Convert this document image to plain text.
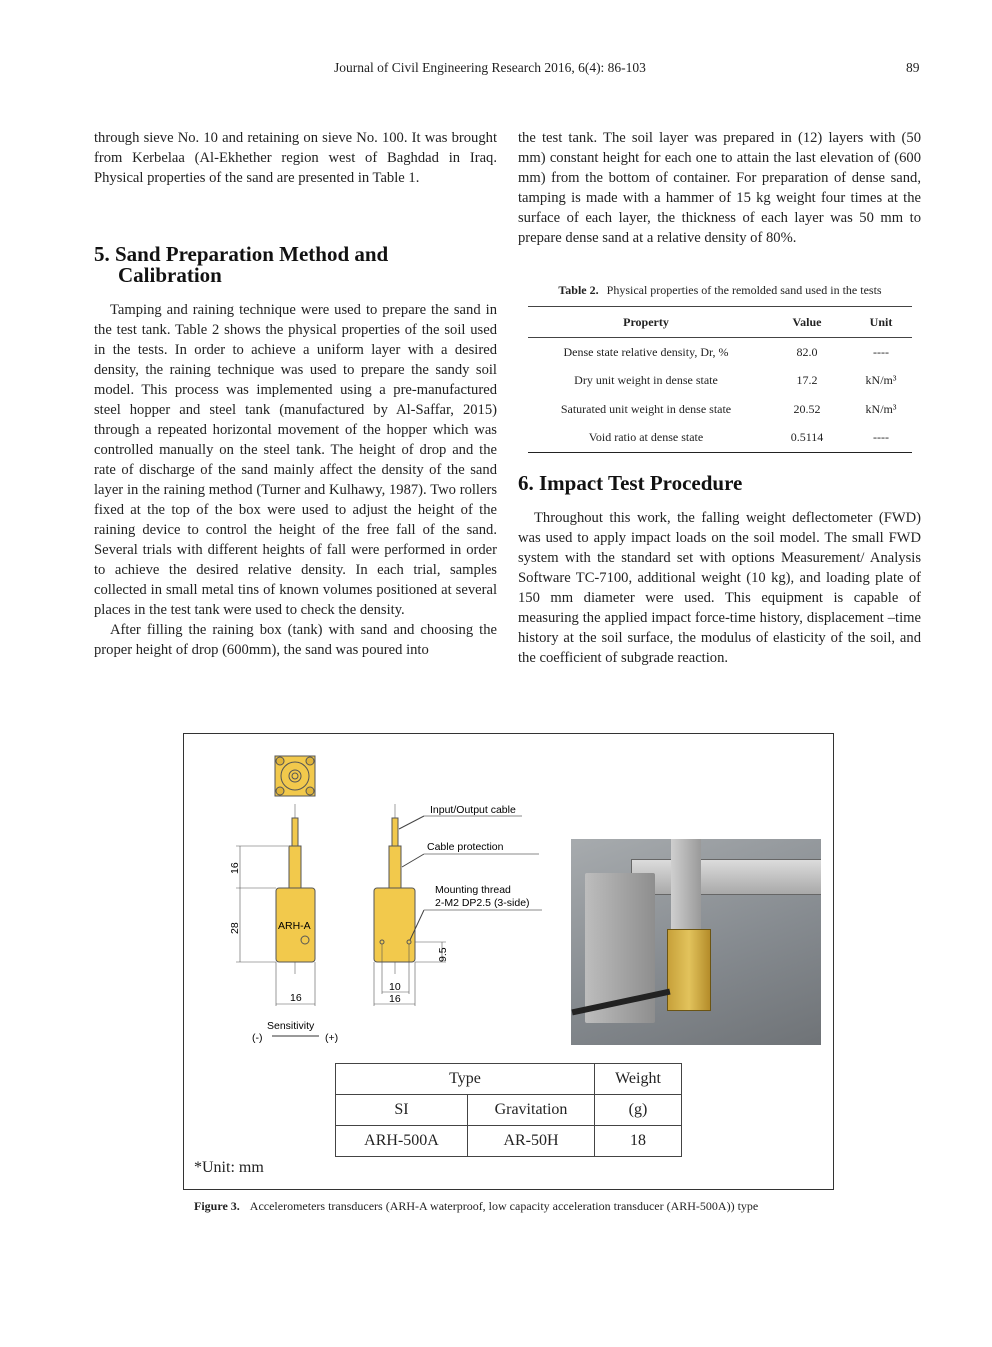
Journal of Civil Engineering Research 2016, 6(4): 86-103	89

through sieve No. 10 and retaining on sieve No. 100. It was brought from Kerbelaa (Al-Ekhether region west of Baghdad in Iraq. Physical properties of the sand are presented in Table 1.

5. Sand Preparation Method and
Calibration

Tamping and raining technique were used to prepare the sand in the test tank. Table 2 shows the physical properties of the soil used in the tests. In order to achieve a uniform layer with a desired density, the raining technique was used to prepare the sandy soil model. This process was implemented using a pre-manufactured steel hopper and steel tank (manufactured by Al-Saffar, 2015) through a repeated horizontal movement of the hopper which was controlled manually on the steel tank. The height of drop and the rate of discharge of the sand mainly affect the density of the sand layer in the raining method (Turner and Kulhawy, 1987). Two rollers fixed at the top of the box were used to adjust the height of the raining device to control the height of the free fall of the sand. Several trials with different heights of fall were performed in order to achieve the desired relative density. In each trial, samples collected in small metal tins of known volumes positioned at several places in the test tank were used to check the density.

After filling the raining box (tank) with sand and choosing the proper height of drop (600mm), the sand was poured into

the test tank. The soil layer was prepared in (12) layers with (50 mm) constant height for each one to attain the last elevation of (600 mm) from the bottom of container. For preparation of dense sand, tamping is made with a hammer of 15 kg weight four times at the surface of each layer, the thickness of each layer was 50 mm to prepare dense sand at a relative density of 80%.

Table 2. Physical properties of the remolded sand used in the tests
Property	Value	Unit
Dense state relative density, Dr, %	82.0	----
Dry unit weight in dense state	17.2	kN/m³
Saturated unit weight in dense state	20.52	kN/m³
Void ratio at dense state	0.5114	----
6. Impact Test Procedure

Throughout this work, the falling weight deflectometer (FWD) was used to apply impact loads on the soil model. The small FWD system with the standard set with options Measurement/ Analysis Software TC-7100, additional weight (10 kg), and loading plate of 150 mm diameter were used. This equipment is capable of measuring the applied impact force-time history, displacement –time history at the soil surface, the modulus of elasticity of the soil, and the coefficient of subgrade reaction.

ARH-A
16
28
16
Sensitivity
(-)	(+)
Input/Output cable
Cable protection
Mounting thread
2-M2 DP2.5 (3-side)
9.5
10
16
Type		Weight
SI	Gravitation	(g)
ARH-500A	AR-50H	18
*Unit: mm
Figure 3. Accelerometers transducers (ARH-A waterproof, low capacity acceleration transducer (ARH-500A)) type
